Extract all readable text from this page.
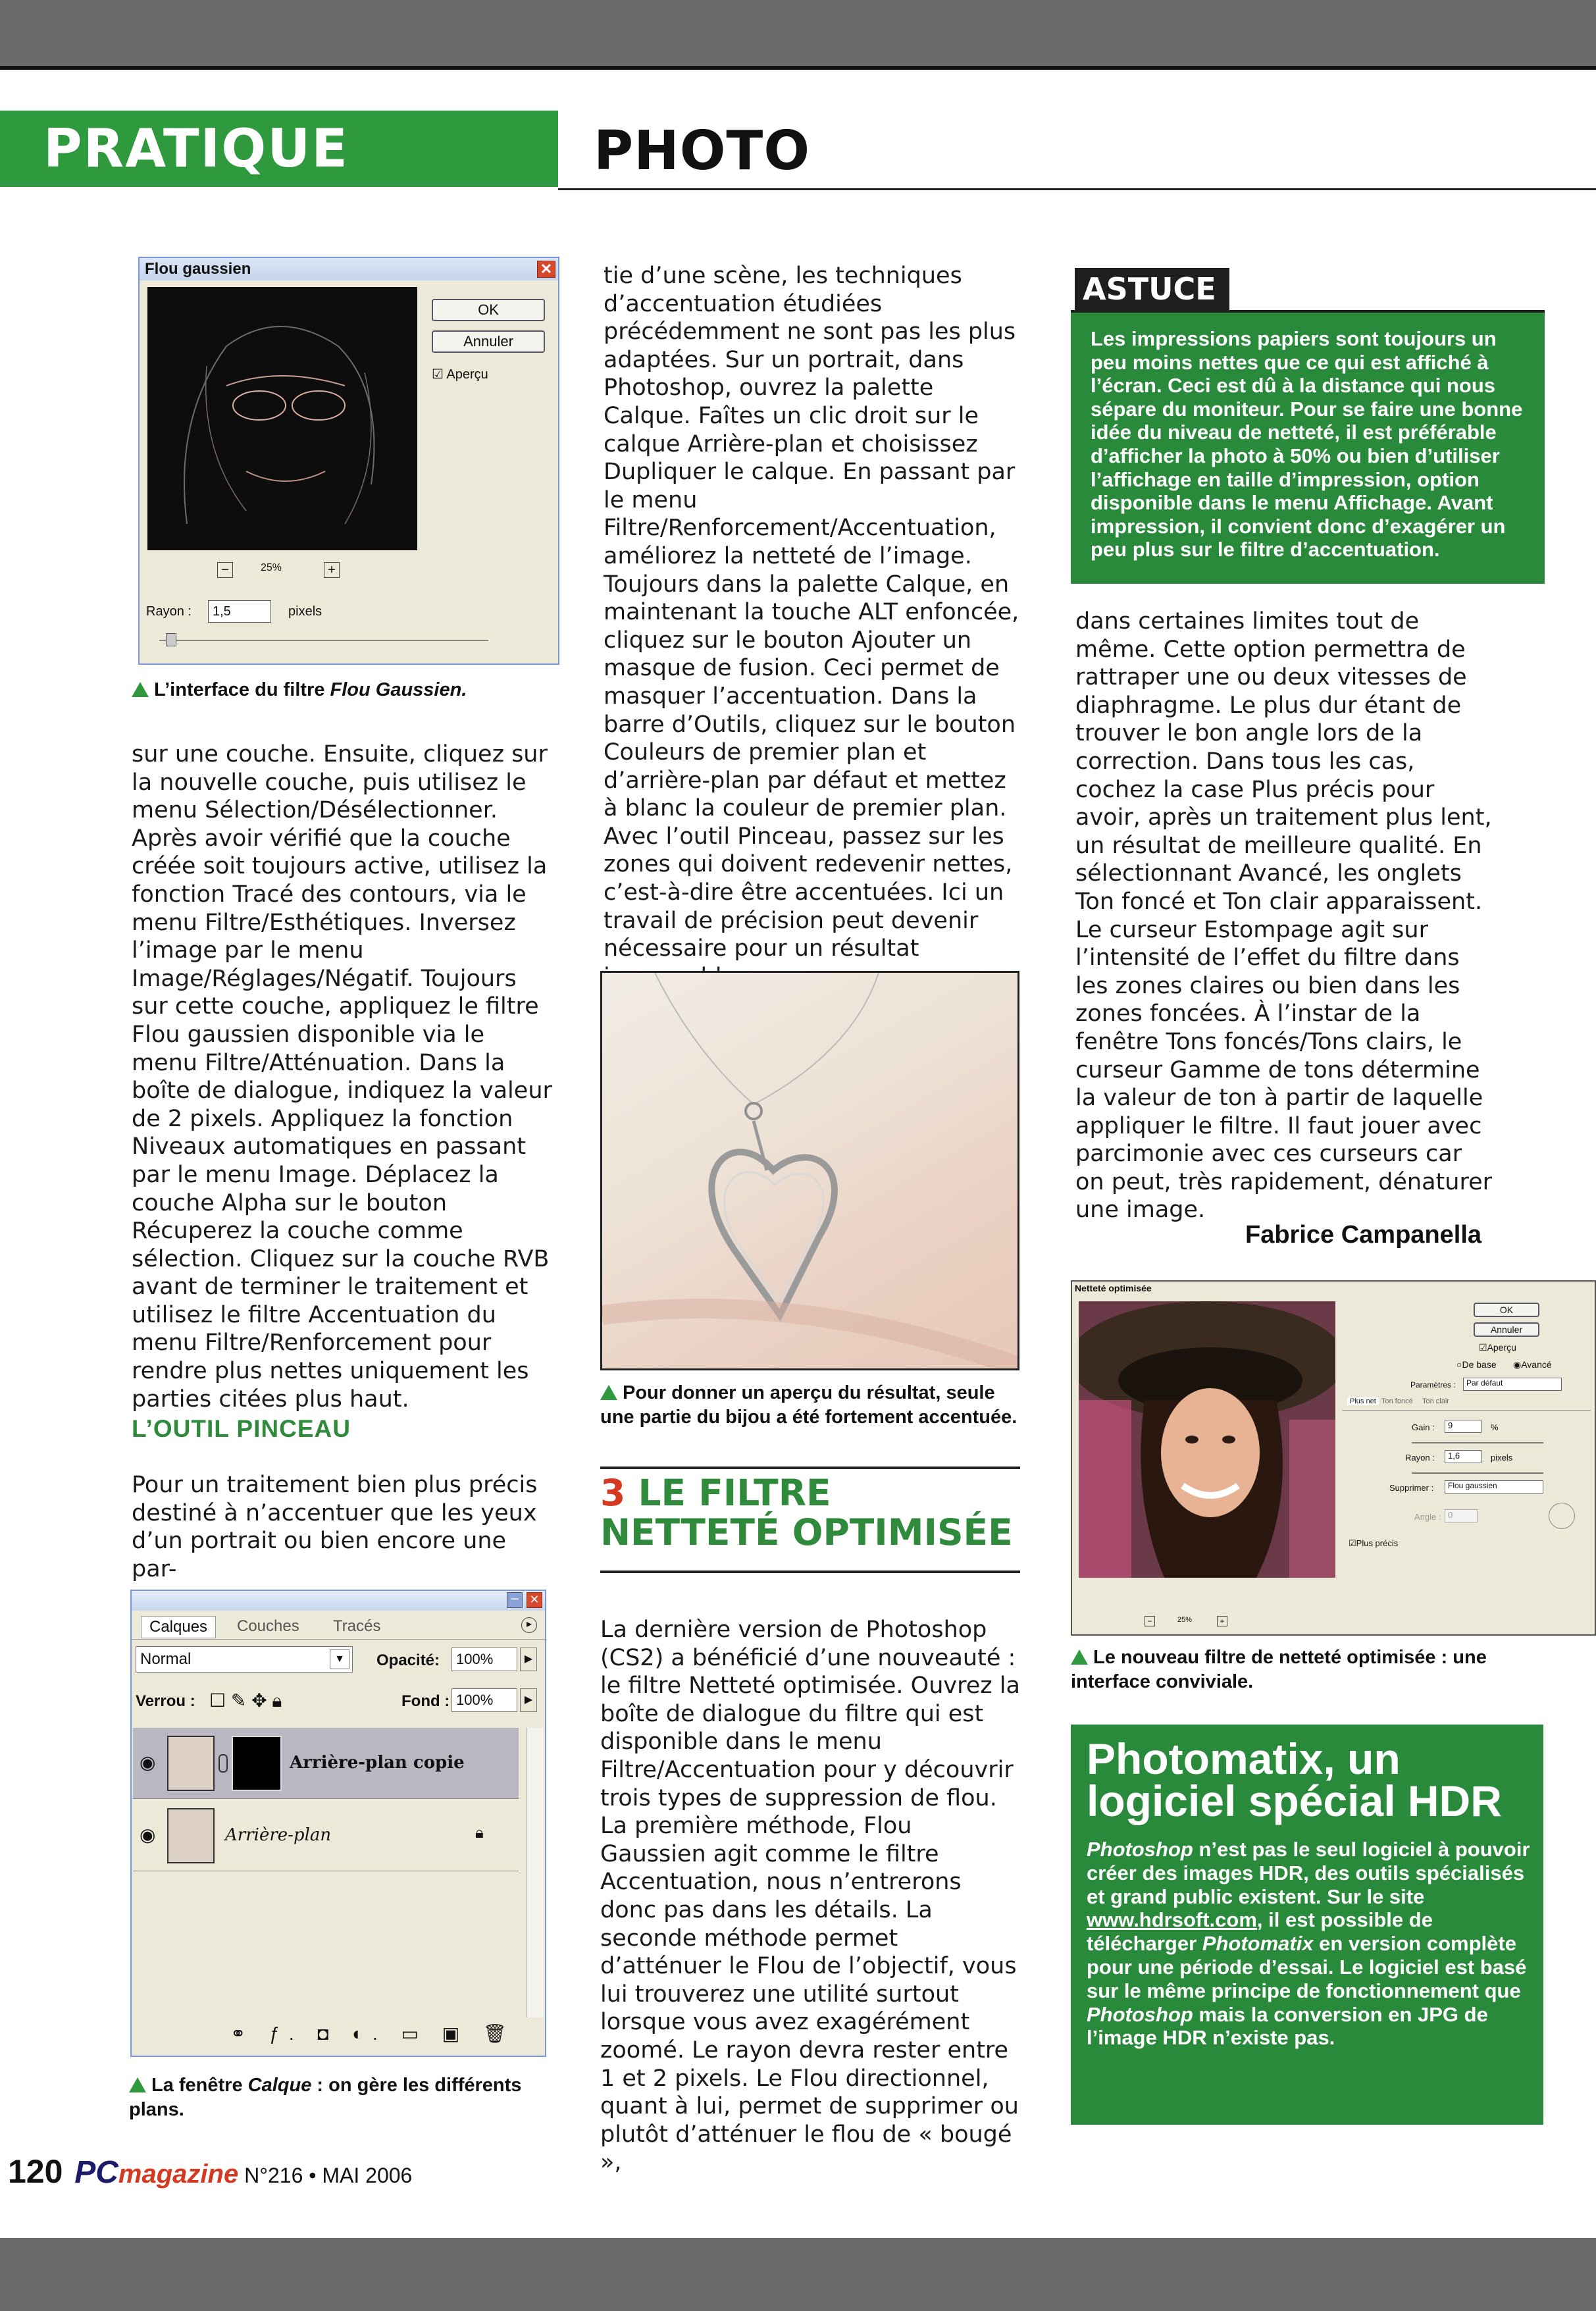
PRATIQUE	PHOTO
Flou gaussien	✕
OK
Annuler
☑ Aperçu
−	25%	+
Rayon :	1,5	pixels
L’interface du filtre Flou Gaussien.

sur une couche. Ensuite, cliquez sur la nouvelle couche, puis utilisez le menu Sélection/Désélectionner. Après avoir vérifié que la couche créée soit toujours active, utilisez la fonction Tracé des contours, via le menu Filtre/Esthétiques. Inversez l’image par le menu Image/Réglages/Négatif. Toujours sur cette couche, appliquez le filtre Flou gaussien disponible via le menu Filtre/Atténuation. Dans la boîte de dialogue, indiquez la valeur de 2 pixels. Appliquez la fonction Niveaux automatiques en passant par le menu Image. Déplacez la couche Alpha sur le bouton Récuperez la couche comme sélection. Cliquez sur la couche RVB avant de terminer le traitement et utilisez le filtre Accentuation du menu Filtre/Renforcement pour rendre plus nettes uniquement les parties citées plus haut.

L’OUTIL PINCEAU

Pour un traitement bien plus précis destiné à n’accentuer que les yeux d’un portrait ou bien encore une par-

✕
−
Calques	Couches Tracés	▸
Normal	▼ Opacité:	100%	▶
Verrou : ☐ ✎ ✥ 🔒︎	Fond : 100%	▶
◉	Arrière-plan copie
◉	Arrière-plan	🔒︎
⚭ ƒ. ◘ ◐. ▭ ▣ 🗑︎
La fenêtre Calque : on gère les différents plans.

tie d’une scène, les techniques d’accentuation étudiées précédemment ne sont pas les plus adaptées. Sur un portrait, dans Photoshop, ouvrez la palette Calque. Faîtes un clic droit sur le calque Arrière-plan et choisissez Dupliquer le calque. En passant par le menu Filtre/Renforcement/Accentuation, améliorez la netteté de l’image. Toujours dans la palette Calque, en maintenant la touche ALT enfoncée, cliquez sur le bouton Ajouter un masque de fusion. Ceci permet de masquer l’accentuation. Dans la barre d’Outils, cliquez sur le bouton Couleurs de premier plan et d’arrière-plan par défaut et mettez à blanc la couleur de premier plan. Avec l’outil Pinceau, passez sur les zones qui doivent redevenir nettes, c’est-à-dire être accentuées. Ici un travail de précision peut devenir nécessaire pour un résultat

Pour donner un aperçu du résultat, seule une partie du bijou a été fortement accentuée.
3 LE FILTRE NETTETÉ OPTIMISÉE

La dernière version de Photoshop (CS2) a bénéficié d’une nouveauté : le filtre Netteté optimisée. Ouvrez la boîte de dialogue du filtre qui est disponible dans le menu Filtre/Accentuation pour y découvrir trois types de suppression de flou. La première méthode, Flou Gaussien agit comme le filtre Accentuation, nous n’entrerons donc pas dans les détails. La seconde méthode permet d’atténuer le Flou de l’objectif, vous lui trouverez une utilité surtout lorsque vous avez exagérément zoomé. Le rayon devra rester entre 1 et 2 pixels. Le Flou directionnel, quant à lui, permet de supprimer ou plutôt d’atténuer le flou de « bougé »,

ASTUCE
Les impressions papiers sont toujours un peu moins nettes que ce qui est affiché à l’écran. Ceci est dû à la distance qui nous sépare du moniteur. Pour se faire une bonne idée du niveau de netteté, il est préférable d’afficher la photo à 50% ou bien d’utiliser l’affichage en taille d’impression, option disponible dans le menu Affichage. Avant impression, il convient donc d’exagérer un peu plus sur le filtre d’accentuation.

dans certaines limites tout de même. Cette option permettra de rattraper une ou deux vitesses de diaphragme. Le plus dur étant de trouver le bon angle lors de la correction. Dans tous les cas, cochez la case Plus précis pour avoir, après un traitement plus lent, un résultat de meilleure qualité. En sélectionnant Avancé, les onglets Ton foncé et Ton clair apparaissent. Le curseur Estompage agit sur l’intensité de l’effet du filtre dans les zones claires ou bien dans les zones foncées. À l’instar de la fenêtre Tons foncés/Tons clairs, le curseur Gamme de tons détermine la valeur de ton à partir de laquelle appliquer le filtre. Il faut jouer avec parcimonie avec ces curseurs car on peut, très rapidement, dénaturer une image.

Fabrice Campanella
Netteté optimisée
OK
Annuler
☑Aperçu
○De base ◉Avancé
Paramètres :	Par défaut
Plus net Ton foncé Ton clair
Gain :	9	%
Rayon :	1,6	pixels
Supprimer :	Flou gaussien
Angle : 0
☑Plus précis
−	25%	+
Le nouveau filtre de netteté optimisée : une interface conviviale.
Photomatix, un logiciel spécial HDR
Photoshop n’est pas le seul logiciel à pouvoir créer des images HDR, des outils spécialisés et grand public existent. Sur le site www.hdrsoft.com, il est possible de télécharger Photomatix en version complète pour une période d’essai. Le logiciel est basé sur le même principe de fonctionnement que Photoshop mais la conversion en JPG de l’image HDR n’existe pas.
120 PCmagazine N°216 • MAI 2006
